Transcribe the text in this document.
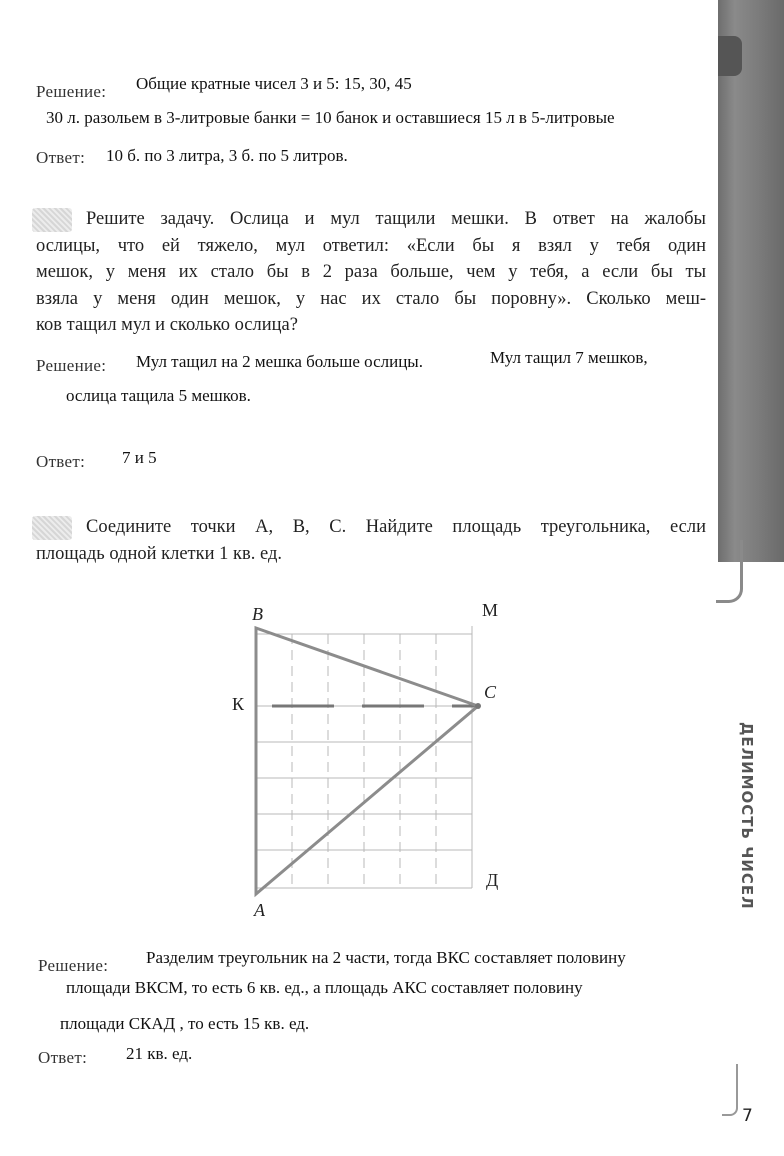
ДЕЛИМОСТЬ ЧИСЕЛ
Решение: Общие кратные чисел 3 и 5: 15, 30, 45
30 л. разольем в 3-литровые банки = 10 банок и оставшиеся 15 л в 5-литровые
Ответ: 10 б. по 3 литра, 3 б. по 5 литров.
Решите задачу. Ослица и мул тащили мешки. В ответ на жалобы
ослицы, что ей тяжело, мул ответил: «Если бы я взял у тебя один
мешок, у меня их стало бы в 2 раза больше, чем у тебя, а если бы ты
взяла у меня один мешок, у нас их стало бы поровну». Сколько меш-
ков тащил мул и сколько ослица?
Решение: Мул тащил на 2 мешка больше ослицы.	Мул тащил 7 мешков,
ослица тащила 5 мешков.
Ответ: 7 и 5
Соедините точки A, B, C. Найдите площадь треугольника, если
площадь одной клетки 1 кв. ед.
B	М
К
C
A
Д
Решение: Разделим треугольник на 2 части, тогда ВКС составляет половину
площади ВКСМ, то есть 6 кв. ед., а площадь АКС составляет половину
площади СКАД , то есть 15 кв. ед.
Ответ: 21 кв. ед.
7
